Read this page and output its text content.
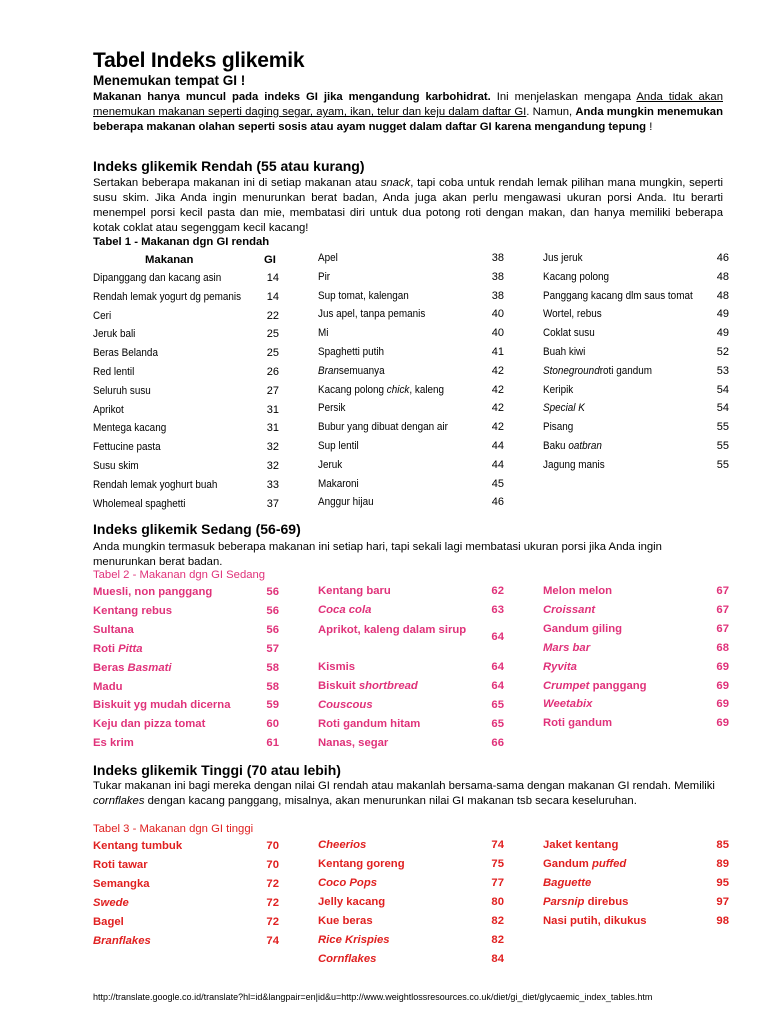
Tabel Indeks glikemik
Menemukan tempat GI !

Makanan hanya muncul pada indeks GI jika mengandung karbohidrat. Ini menjelaskan mengapa Anda tidak akan menemukan makanan seperti daging segar, ayam, ikan, telur dan keju dalam daftar GI. Namun, Anda mungkin menemukan beberapa makanan olahan seperti sosis atau ayam nugget dalam daftar GI karena mengandung tepung !

Indeks glikemik Rendah (55 atau kurang)

Sertakan beberapa makanan ini di setiap makanan atau snack, tapi coba untuk rendah lemak pilihan mana mungkin, seperti susu skim. Jika Anda ingin menurunkan berat badan, Anda juga akan perlu mengawasi ukuran porsi Anda. Itu berarti menempel porsi kecil pasta dan mie, membatasi diri untuk dua potong roti dengan makan, dan hanya memiliki beberapa kotak coklat atau segenggam kecil kacang!

Tabel 1 - Makanan dgn GI rendah
Makanan	GI
Dipanggang dan kacang asin	14
Rendah lemak yogurt dg pemanis 14
Ceri	22
Jeruk bali	25
Beras Belanda	25
Red lentil	26
Seluruh susu	27
Aprikot	31
Mentega kacang	31
Fettucine pasta	32
Susu skim	32
Rendah lemak yoghurt buah	33
Wholemeal spaghetti	37
Apel	38
Pir	38
Sup tomat, kalengan	38
Jus apel, tanpa pemanis	40
Mi	40
Spaghetti putih	41
Bransemuanya	42
Kacang polong chick, kaleng	42
Persik	42
Bubur yang dibuat dengan air	42
Sup lentil	44
Jeruk	44
Makaroni	45
Anggur hijau	46
Jus jeruk	46
Kacang polong	48
Panggang kacang dlm saus tomat 48
Wortel, rebus	49
Coklat susu	49
Buah kiwi	52
Stonegroundroti gandum	53
Keripik	54
Special K	54
Pisang	55
Baku oatbran	55
Jagung manis	55
Indeks glikemik Sedang (56-69)

Anda mungkin termasuk beberapa makanan ini setiap hari, tapi sekali lagi membatasi ukuran porsi jika Anda ingin menurunkan berat badan.

Tabel 2 - Makanan dgn GI Sedang
Muesli, non panggang	56
Kentang rebus	56
Sultana	56
Roti Pitta	57
Beras Basmati	58
Madu	58
Biskuit yg mudah dicerna	59
Keju dan pizza tomat	60
Es krim	61
Kentang baru	62
Coca cola	63
Aprikot, kaleng dalam sirup
64
Kismis	64
Biskuit shortbread	64
Couscous	65
Roti gandum hitam	65
Nanas, segar	66
Melon melon	67
Croissant	67
Gandum giling	67
Mars bar	68
Ryvita	69
Crumpet panggang	69
Weetabix	69
Roti gandum	69
Indeks glikemik Tinggi (70 atau lebih)

Tukar makanan ini bagi mereka dengan nilai GI rendah atau makanlah bersama-sama dengan makanan GI rendah. Memiliki cornflakes dengan kacang panggang, misalnya, akan menurunkan nilai GI makanan tsb secara keseluruhan.

Tabel 3 - Makanan dgn GI tinggi
Kentang tumbuk	70
Roti tawar	70
Semangka	72
Swede	72
Bagel	72
Branflakes	74
Cheerios	74
Kentang goreng	75
Coco Pops	77
Jelly kacang	80
Kue beras	82
Rice Krispies	82
Cornflakes	84
Jaket kentang	85
Gandum puffed	89
Baguette	95
Parsnip direbus	97
Nasi putih, dikukus	98
http://translate.google.co.id/translate?hl=id&langpair=en|id&u=http://www.weightlossresources.co.uk/diet/gi_diet/glycaemic_index_tables.htm
